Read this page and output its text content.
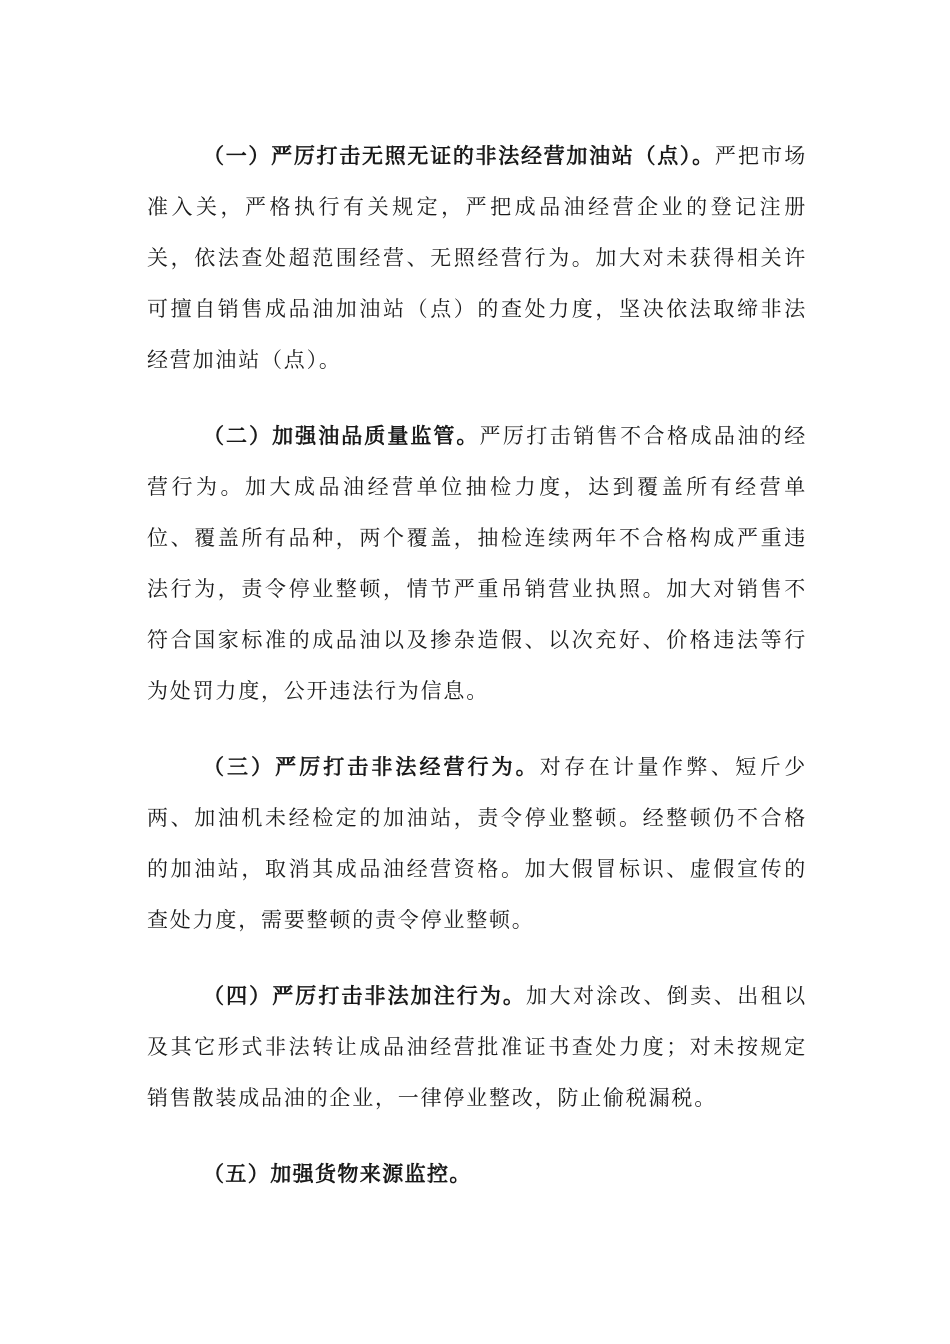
（一）严厉打击无照无证的非法经营加油站（点）。严把市场准入关，严格执行有关规定，严把成品油经营企业的登记注册关，依法查处超范围经营、无照经营行为。加大对未获得相关许可擅自销售成品油加油站（点）的查处力度，坚决依法取缔非法经营加油站（点）。

（二）加强油品质量监管。严厉打击销售不合格成品油的经营行为。加大成品油经营单位抽检力度，达到覆盖所有经营单位、覆盖所有品种，两个覆盖，抽检连续两年不合格构成严重违法行为，责令停业整顿，情节严重吊销营业执照。加大对销售不符合国家标准的成品油以及掺杂造假、以次充好、价格违法等行为处罚力度，公开违法行为信息。

（三）严厉打击非法经营行为。对存在计量作弊、短斤少两、加油机未经检定的加油站，责令停业整顿。经整顿仍不合格的加油站，取消其成品油经营资格。加大假冒标识、虚假宣传的查处力度，需要整顿的责令停业整顿。

（四）严厉打击非法加注行为。加大对涂改、倒卖、出租以及其它形式非法转让成品油经营批准证书查处力度；对未按规定销售散装成品油的企业，一律停业整改，防止偷税漏税。

（五）加强货物来源监控。
